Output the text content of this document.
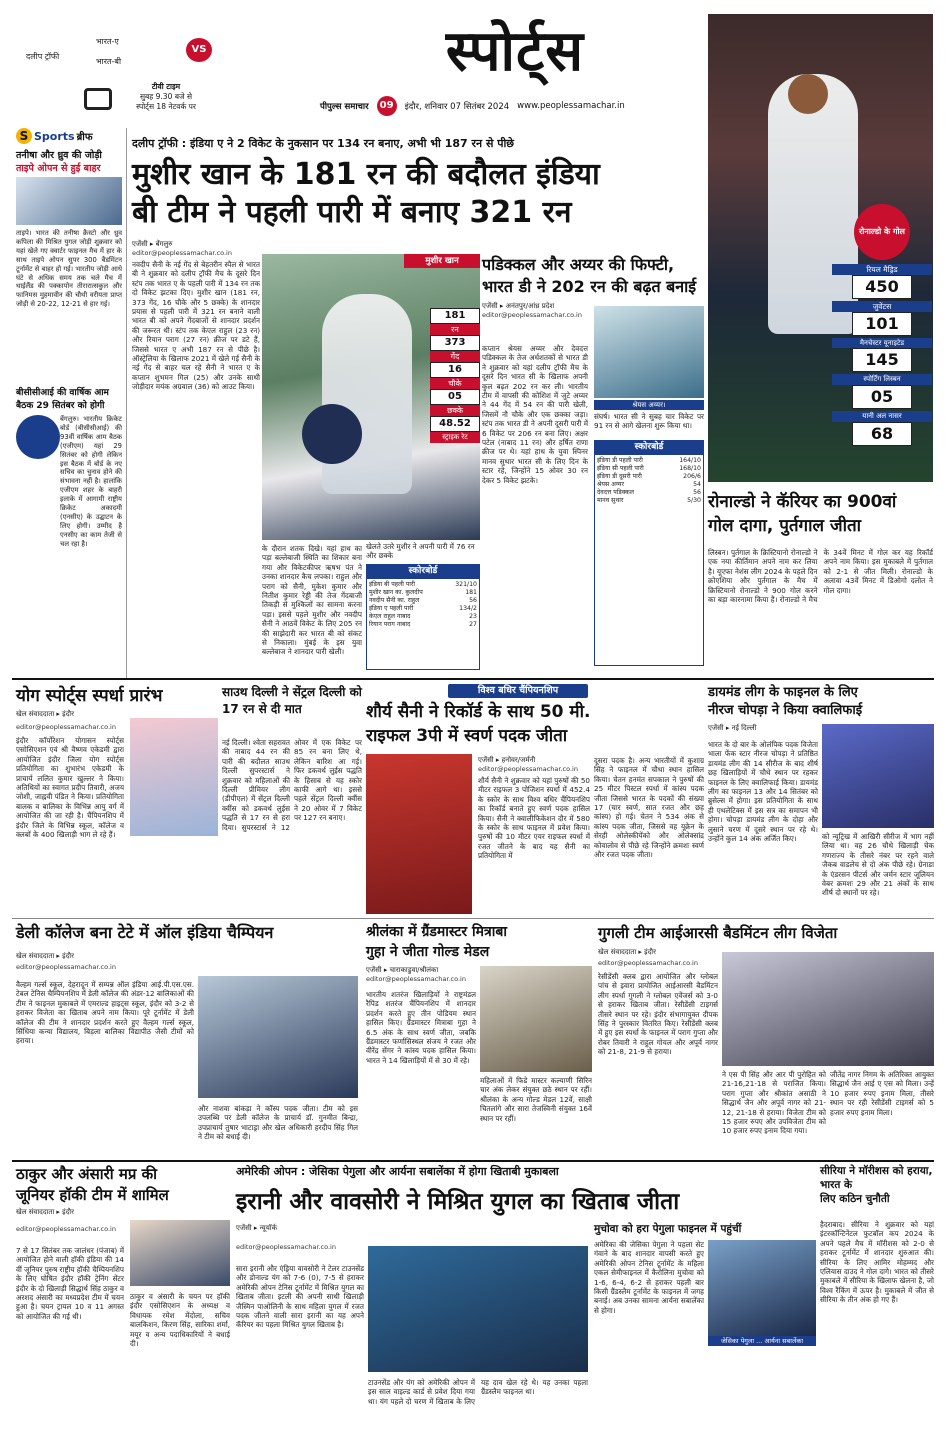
दलीप ट्रॉफी
भारत-ए
भारत-बी
VS
टीवी टाइम
सुबह 9.30 बजे से
स्पोर्ट्स 18 नेटवर्क पर
स्पोर्ट्स
पीपुल्स समाचार	09	इंदौर, शनिवार 07 सितंबर 2024 www.peoplessamachar.in
S Sports ब्रीफ
तनीषा और ध्रुव की जोड़ी
ताइपे ओपन से हुई बाहर
ताइपे। भारत की तनीषा क्रैस्टो और ध्रुव कपिला की मिश्रित युगल जोड़ी शुक्रवार को यहां खेले गए क्वार्टर फाइनल मैच में हार के साथ ताइपे ओपन सुपर 300 बैडमिंटन टूर्नामेंट से बाहर हो गई। भारतीय जोड़ी आधे घंटे से अधिक समय तक चले मैच में थाईलैंड की पक्कापोन तीरारात्सकुल और फानिमस मुहमावीन की चौथी वरीयता प्राप्त जोड़ी से 20-22, 12-21 से हार गई।
बीसीसीआई की वार्षिक आम बैठक 29 सितंबर को होगी
बेंगलुरु। भारतीय क्रिकेट बोर्ड (बीसीसीआई) की 93वीं वार्षिक आम बैठक (एजीएम) यहां 29 सितंबर को होगी लेकिन इस बैठक में बोर्ड के नए सचिव का चुनाव होने की संभावना नहीं है। हालांकि एजीएम शहर के बाहरी इलाके में आगामी राष्ट्रीय क्रिकेट अकादमी (एनसीए) के उद्घाटन के लिए होगी। उम्मीद है एनसीए का काम तेजी से चल रहा है।
दलीप ट्रॉफी : इंडिया ए ने 2 विकेट के नुकसान पर 134 रन बनाए, अभी भी 187 रन से पीछे
मुशीर खान के 181 रन की बदौलत इंडिया
बी टीम ने पहली पारी में बनाए 321 रन
एजेंसी ▸ बेंगलुरु
editor@peoplessamachar.co.in
नवदीप सैनी के नई गेंद से बेहतरीन स्पैल से भारत बी ने शुक्रवार को दलीप ट्रॉफी मैच के दूसरे दिन स्टंप तक भारत ए के पहली पारी में 134 रन तक दो विकेट झटका दिए। मुशीर खान (181 रन, 373 गेंद, 16 चौके और 5 छक्के) के शानदार प्रयास से पहली पारी में 321 रन बनाने वाली भारत बी को अपने गेंदबाजों से शानदार प्रदर्शन की जरूरत थी। स्टंप तक केएल राहुल (23 रन) और रियान पराग (27 रन) क्रीज पर डटे हैं, जिससे भारत ए अभी 187 रन से पीछे है। ऑस्ट्रेलिया के खिलाफ 2021 में खेले गई सैनी के नई गेंद से बाहर चल रहे सैनी ने भारत ए के कप्तान शुभमन गिल (25) और उनके साथी जोड़ीदार मयंक अग्रवाल (36) को आउट किया।
मुशीर खान
181
रन
373
गेंद
16
चौके
05
छक्के
48.52
स्ट्राइक रेट
खेलते उतरे मुशीर ने अपनी पारी में 76 रन और छक्के
के दौरान शतक दिखे। यहां हाथ का पड़ा बल्लेबाजी स्थिति का शिकार बना गया और विकेटकीपर ऋषभ पंत ने उनका शानदार कैच लपका। राहुल और पराग को सैनी, मुकेश कुमार और नितीश कुमार रेड्डी की तेज गेंदबाजी तिकड़ी से मुश्किलों का सामना करना पड़ा। इससे पहले मुशीर और नवदीप सैनी ने आठवें विकेट के लिए 205 रन की साझेदारी कर भारत बी को संकट से निकाला। मुंबई के इस युवा बल्लेबाज ने शानदार पारी खेली।
स्कोरबोर्ड
इंडिया बी पहली पारी	321/10
मुशीर खान का. कुलदीप	181
नवदीप सैनी का. राहुल	56
इंडिया ए पहली पारी	134/2
केएल राहुल नाबाद	23
रियान पराग नाबाद	27
पडिक्कल और अय्यर की फिफ्टी,
भारत डी ने 202 रन की बढ़त बनाई
एजेंसी ▸ अनंतपुर/आंध्र प्रदेश
editor@peoplessamachar.co.in
कप्तान श्रेयस अय्यर और देवदत्त पडिक्कल के तेज अर्धशतकों से भारत डी ने शुक्रवार को यहां दलीप ट्रॉफी मैच के दूसरे दिन भारत सी के खिलाफ अपनी कुल बढ़त 202 रन कर ली। भारतीय टीम में वापसी की कोशिश में जुटे अय्यर ने 44 गेंद में 54 रन की पारी खेली, जिसमें नौ चौके और एक छक्का जड़ा। स्टंप तक भारत डी ने अपनी दूसरी पारी में 6 विकेट पर 206 रन बना लिए। अक्षर पटेल (नाबाद 11 रन) और हर्षित राणा क्रीज पर थे। यहां हाथ के युवा स्पिनर मानव सुथार भारत सी के लिए दिन के स्टार रहे, जिन्होंने 15 ओवर 30 रन देकर 5 विकेट झटके।
श्रेयस अय्यर।
संघर्ष। भारत सी ने सुबह चार विकेट पर 91 रन से आगे खेलना शुरू किया था।
स्कोरबोर्ड
इंडिया डी पहली पारी	164/10
इंडिया सी पहली पारी	168/10
इंडिया डी दूसरी पारी	206/6
श्रेयस अय्यर	54
देवदत्त पडिक्कल	56
मानव सुथार	5/30
रोनाल्डो के गोल
रियल मैड्रिड
450
जुवेंटस
101
मैनचेस्टर यूनाइटेड
145
स्पोर्टिंग लिस्बन
05
यानी अल नासर
68
रोनाल्डो ने कॅरियर का 900वां
गोल दागा, पुर्तगाल जीता
लिस्बन। पुर्तगाल के क्रिस्टियानो रोनाल्डो ने एक नया कीर्तिमान अपने नाम कर लिया है। यूएफा नेशंस लीग 2024 के पहले दिन क्रोएशिया और पुर्तगाल के मैच में क्रिस्टियानो रोनाल्डो ने 900 गोल करने का बड़ा कारनामा किया है। रोनाल्डो ने मैच के 34वें मिनट में गोल कर यह रिकॉर्ड अपने नाम किया। इस मुकाबले में पुर्तगाल को 2-1 से जीत मिली। रोनाल्डो के अलावा 43वें मिनट में डिओगो दलोत ने गोल दागा।
योग स्पोर्ट्स स्पर्धा प्रारंभ
खेल संवाददाता ▸ इंदौर
editor@peoplessamachar.co.in
इंदौर कॉर्पोरेशन योगासन स्पोर्ट्स एसोसिएशन एवं श्री वैष्णव एकेडमी द्वारा आयोजित इंदौर जिला योग स्पोर्ट्स प्रतियोगिता का शुभारंभ एकेडमी के प्राचार्य ललित कुमार खुल्लर ने किया। अतिथियों का स्वागत प्रदीप तिवारी, अजय जोशी, जाह्नवी पंडित ने किया। प्रतियोगिता बालक व बालिका के विभिन्न आयु वर्ग में आयोजित की जा रही है। चैंपियनशिप में इंदौर जिले के विभिन्न स्कूल, कॉलेज व क्लबों के 400 खिलाड़ी भाग ले रहे हैं।
साउथ दिल्ली ने सेंट्रल दिल्ली को 17 रन से दी मात
नई दिल्ली। श्वेता सहरावत की नाबाद 44 रन की पारी की बदौलत साउथ दिल्ली सुपरस्टार्स ने शुक्रवार को महिलाओं की दिल्ली प्रीमियर लीग (डीपीएल) में सेंट्रल दिल्ली क्वींस को डकवर्थ लुईस पद्धति से 17 रन से हरा दिया। सुपरस्टार्स ने 12 ओवर में एक विकेट पर 85 रन बना लिए थे, लेकिन बारिश आ गई। फिर डकवर्थ लुईस पद्धति के हिसाब से यह स्कोर काफी आगे था। इससे पहले सेंट्रल दिल्ली क्वींस ने 20 ओवर में 7 विकेट पर 127 रन बनाए।
विश्व बधिर चैंपियनशिप
शौर्य सैनी ने रिकॉर्ड के साथ 50 मी.
राइफल 3पी में स्वर्ण पदक जीता
एजेंसी ▸ हनोवर/जर्मनी
editor@peoplessamachar.co.in
शौर्य सैनी ने शुक्रवार को यहां पुरुषों की 50 मीटर राइफल 3 पोजिशन स्पर्धा में 452.4 के स्कोर के साथ विश्व बधिर चैंपियनशिप का रिकॉर्ड बनाते हुए स्वर्ण पदक हासिल किया। सैनी ने क्वालीफिकेशन दौर में 580 के स्कोर के साथ फाइनल में प्रवेश किया। पुरुषों की 10 मीटर एयर राइफल स्पर्धा में रजत जीतने के बाद यह सैनी का प्रतियोगिता में
दूसरा पदक है। अन्य भारतीयों में कुशाग्र सिंह ने फाइनल में चौथा स्थान हासिल किया। चेतन हनमंत सपकाल ने पुरुषों की 25 मीटर पिस्टल स्पर्धा में कांस्य पदक जीता जिससे भारत के पदकों की संख्या 17 (चार स्वर्ण, सात रजत और छह कांस्य) हो गई। चेतन ने 534 अंक से कांस्य पदक जीता, जिससे वह यूक्रेन के सेरही ओलेस्कीयेंको और ओलेक्सांद्र कोवालोव से पीछे रहे जिन्होंने क्रमशः स्वर्ण और रजत पदक जीता।
डायमंड लीग के फाइनल के लिए
नीरज चोपड़ा ने किया क्वालिफाई
एजेंसी ▸ नई दिल्ली
भारत के दो बार के ओलंपिक पदक विजेता भाला फेंक स्टार नीरज चोपड़ा ने प्रतिष्ठित डायमंड लीग की 14 सीरीज के बाद शीर्ष छह खिलाड़ियों में चौथे स्थान पर रहकर फाइनल के लिए क्वालिफाई किया। डायमंड लीग का फाइनल 13 और 14 सितंबर को ब्रुसेल्स में होगा। इस प्रतियोगिता के साथ ही एथलेटिक्स में इस सत्र का समापन भी होगा। चोपड़ा डायमंड लीग के दोहा और लुसाने चरण में दूसरे स्थान पर रहे थे। उन्होंने कुल 14 अंक अर्जित किए।	को न्यूट्रिख में आखिरी सीरीज में भाग नहीं लिया था। वह 26 चौथे खिलाड़ी चेक गणराज्य के तीसरे नंबर पर रहने वाले जैकब वाडलेच से दो अंक पीछे रहे। ग्रेनाडा के एंडरसन पीटर्स और जर्मन स्टार जूलियन वेबर क्रमशः 29 और 21 अंकों के साथ शीर्ष दो स्थानों पर रहे।
डेली कॉलेज बना टेटे में ऑल इंडिया चैम्पियन
खेल संवाददाता ▸ इंदौर
editor@peoplessamachar.co.in
वैल्हम गर्ल्स स्कूल, देहरादून में सम्पन्न ऑल इंडिया आई.पी.एस.एस. टेबल टेनिस चैम्पियनशिप में डेली कॉलेज की अंडर-12 बालिकाओं की टीम ने फाइनल मुकाबले में एमराल्ड हाइट्स स्कूल, इंदौर को 3-2 से हराकर विजेता का खिताब अपने नाम किया। पूरे टूर्नामेंट में डेली कॉलेज की टीम ने शानदार प्रदर्शन करते हुए वैल्हम गर्ल्स स्कूल, सिंधिया कन्या विद्यालय, बिड़ला बालिका विद्यापीठ जैसी टीमों को हराया।
और नाशवा बांकड़ा ने कॉस्य पदक जीता। टीम को इस उपलब्धि पर डेली कॉलेज के प्राचार्य डॉ. गुनमीत बिन्द्रा, उपप्राचार्य तुषार भाटाड्रा और खेल अधिकारी हरदीप सिंह गिल ने टीम को बधाई दी।
श्रीलंका में ग्रैंडमास्टर मित्राबा
गुहा ने जीता गोल्ड मेडल
एजेंसी ▸ चाराकाडुवा/श्रीलंका
editor@peoplessamachar.co.in
भारतीय शतरंज खिलाड़ियों ने राष्ट्रमंडल रैपिड शतरंज चैंपियनशिप में शानदार प्रदर्शन करते हुए तीन पोडियम स्थान हासिल किए। ग्रैंडमास्टर मित्राबा गुहा ने 6.5 अंक के साथ स्वर्ण जीता, जबकि ग्रैंडमास्टर फर्णासिस्थल संजय ने रजत और वीरेंद्र सेंगर ने कांस्य पदक हासिल किया। भारत ने 14 खिलाड़ियों में से 30 में रहे।
महिलाओं में फिडे मास्टर कल्याणी सिरिन चार अंक लेकर संयुक्त छठे स्थान पर रहीं। श्रीलंका के अन्य गोल्ड मेडल 12वें, साक्षी चितलांगे और सारा तेजस्विनी संयुक्त 16वें स्थान पर रहीं।
गुगली टीम आईआरसी बैडमिंटन लीग विजेता
खेल संवाददाता ▸ इंदौर
editor@peoplessamachar.co.in
रेसीडेंसी क्लब द्वारा आयोजित और ग्लोबल पांच से इवारा प्रायोजित आईआरसी बैडमिंटन लीग स्पर्धा गुगली ने ग्लोबल एवेंजर्स को 3-0 से हराकर खिताब जीता। रेसीडेंसी टाइगर्स तीसरे स्थान पर रहे। इंदौर संभागायुक्त दीपक सिंह ने पुरस्कार वितरित किए। रेसीडेंसी क्लब में हुए इस स्पर्धा के फाइनल में पराग गुप्ता और रोबर तिवारी ने राहुल गोयल और अपूर्व नागर को 21-8, 21-9 से हराया।
ने एस पी सिंह और आर पी पुरोहित को 21-16,21-18 से पराजित किया। पराग गुप्ता और श्रीकांत असाठी ने सिद्धार्थ जैन और अपूर्व नागर को 21-12, 21-18 से हराया। विजेता टीम को 15 हजार रुपए और उपविजेता टीम को 10 हजार रुपए इनाम दिया गया।
जीतेंद्र नागर निगम के अतिरिक्त आयुक्त सिद्धार्थ जैन आई ए एस को मिला। उन्हें 10 हजार रुपए इनाम मिला, तीसरे स्थान पर रही रेसीडेंसी टाइगर्स को 5 हजार रुपए इनाम मिला।
ठाकुर और अंसारी मप्र की
जूनियर हॉकी टीम में शामिल
खेल संवाददाता ▸ इंदौर
editor@peoplessamachar.co.in
7 से 17 सितंबर तक जालंधर (पंजाब) में आयोजित होने वाली हॉकी इंडिया की 14 वीं जूनियर पुरुष राष्ट्रीय हॉकी चैम्पियनशिप के लिए घोषित इंदौर हॉकी ट्रेनिंग सेंटर इंदौर के दो खिलाड़ी सिद्धार्थ सिंह ठाकुर व अरशद अंसारी का मध्यप्रदेश टीम में चयन हुआ है। चयन ट्रायल 10 व 11 अगस्त को आयोजित की गई थी।
ठाकुर व अंसारी के चयन पर हॉकी इंदौर एसोसिएशन के अध्यक्ष व विधायक रमेश मेंदोला, सचिव बालकिशन, किरण सिंह, सारिका शर्मा, मयूर व अन्य पदाधिकारियों ने बधाई दी।
अमेरिकी ओपन : जेसिका पेगुला और आर्यना सबालेंका में होगा खिताबी मुकाबला
इरानी और वावसोरी ने मिश्रित युगल का खिताब जीता
एजेंसी ▸ न्यूयॉर्क
editor@peoplessamachar.co.in
सारा इरानी और एंड्रिया वावसोरी ने टेलर टाउनसेंड और डोनाल्ड यंग को 7-6 (0), 7-5 से हराकर अमेरिकी ओपन टेनिस टूर्नामेंट में मिश्रित युगल का खिताब जीता। इटली की अपनी साथी खिलाड़ी जैस्मिन पाओलिनी के साथ महिला युगल में रजत पदक जीतने वाली सारा इरानी का यह अपने कॅरियर का पहला मिश्रित युगल खिताब है।
टाउनसेंड और यंग को अमेरिकी ओपन में इस साल वाइल्ड कार्ड से प्रवेश दिया गया था। यंग पहले दो चरण में खिताब के लिए यह दाव खेल रहे थे। यह उनका पहला ग्रैंडस्लैम फाइनल था।
मुचोवा को हरा पेगुला फाइनल में पहुंचीं
अमेरिका की जेसिका पेगुला ने पहला सेट गंवाने के बाद शानदार वापसी करते हुए अमेरिकी ओपन टेनिस टूर्नामेंट के महिला एकल सेमीफाइनल में कैरोलिना मुचोवा को 1-6, 6-4, 6-2 से हराकर पहली बार किसी ग्रैंडस्लैम टूर्नामेंट के फाइनल में जगह बनाई। अब उनका सामना आर्यना सबालेंका से होगा।
जेसिका पेगुला ... आर्यना सबालेंका
सीरिया ने मॉरीशस को हराया, भारत के
लिए कठिन चुनौती
हैदराबाद। सीरिया ने शुक्रवार को यहां इंटरकॉन्टिनेंटल फुटबॉल कप 2024 के अपने पहले मैच में मॉरीशस को 2-0 से हराकर टूर्नामेंट में शानदार शुरुआत की। सीरिया के लिए आमिर मोहम्मद और एलियास दाउद ने गोल दागे। भारत को तीसरे मुकाबले में सीरिया के खिलाफ खेलना है, जो विश्व रैंकिंग में ऊपर है। मुकाबले में जीत से सीरिया के तीन अंक हो गए हैं।
